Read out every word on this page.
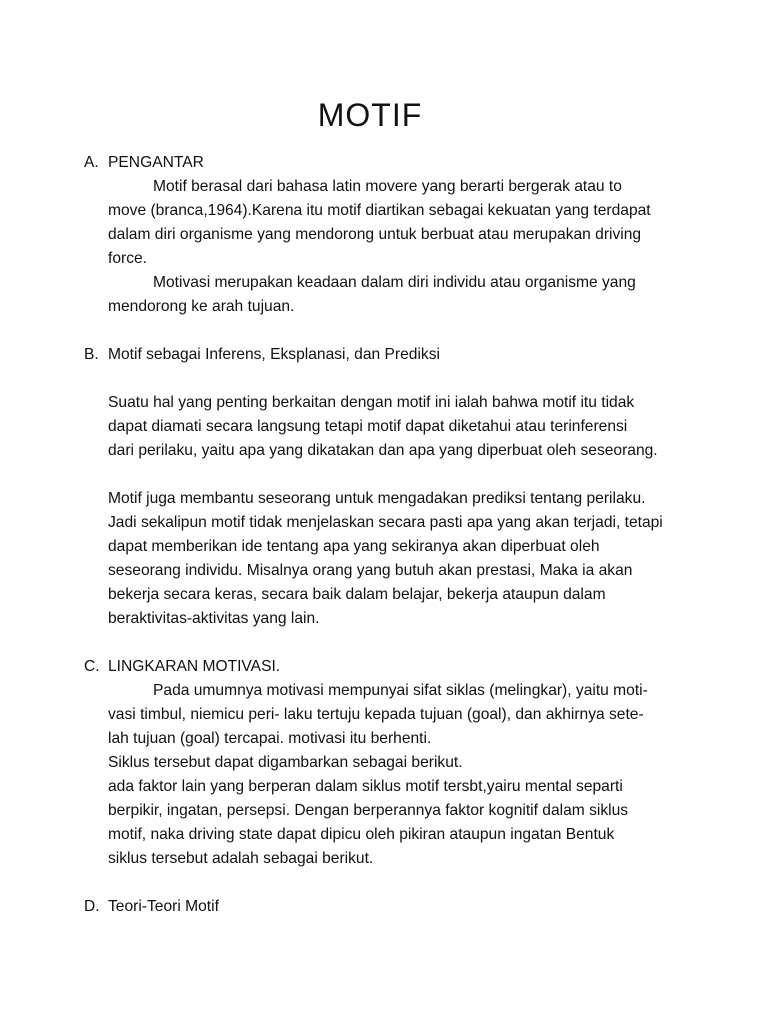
MOTIF
A. PENGANTAR
Motif berasal dari bahasa latin movere yang berarti bergerak atau to
move (branca,1964).Karena itu motif diartikan sebagai kekuatan yang terdapat
dalam diri organisme yang mendorong untuk berbuat atau merupakan driving
force.
Motivasi merupakan keadaan dalam diri individu atau organisme yang
mendorong ke arah tujuan.
B. Motif sebagai Inferens, Eksplanasi, dan Prediksi
Suatu hal yang penting berkaitan dengan motif ini ialah bahwa motif itu tidak
dapat diamati secara langsung tetapi motif dapat diketahui atau terinferensi
dari perilaku, yaitu apa yang dikatakan dan apa yang diperbuat oleh seseorang.
Motif juga membantu seseorang untuk mengadakan prediksi tentang perilaku.
Jadi sekalipun motif tidak menjelaskan secara pasti apa yang akan terjadi, tetapi
dapat memberikan ide tentang apa yang sekiranya akan diperbuat oleh
seseorang individu. Misalnya orang yang butuh akan prestasi, Maka ia akan
bekerja secara keras, secara baik dalam belajar, bekerja ataupun dalam
beraktivitas-aktivitas yang lain.
C. LINGKARAN MOTIVASI.
Pada umumnya motivasi mempunyai sifat siklas (melingkar), yaitu moti-
vasi timbul, niemicu peri- laku tertuju kepada tujuan (goal), dan akhirnya sete-
lah tujuan (goal) tercapai. motivasi itu berhenti.
Siklus tersebut dapat digambarkan sebagai berikut.
ada faktor lain yang berperan dalam siklus motif tersbt,yairu mental separti
berpikir, ingatan, persepsi. Dengan berperannya faktor kognitif dalam siklus
motif, naka driving state dapat dipicu oleh pikiran ataupun ingatan Bentuk
siklus tersebut adalah sebagai berikut.
D. Teori-Teori Motif
